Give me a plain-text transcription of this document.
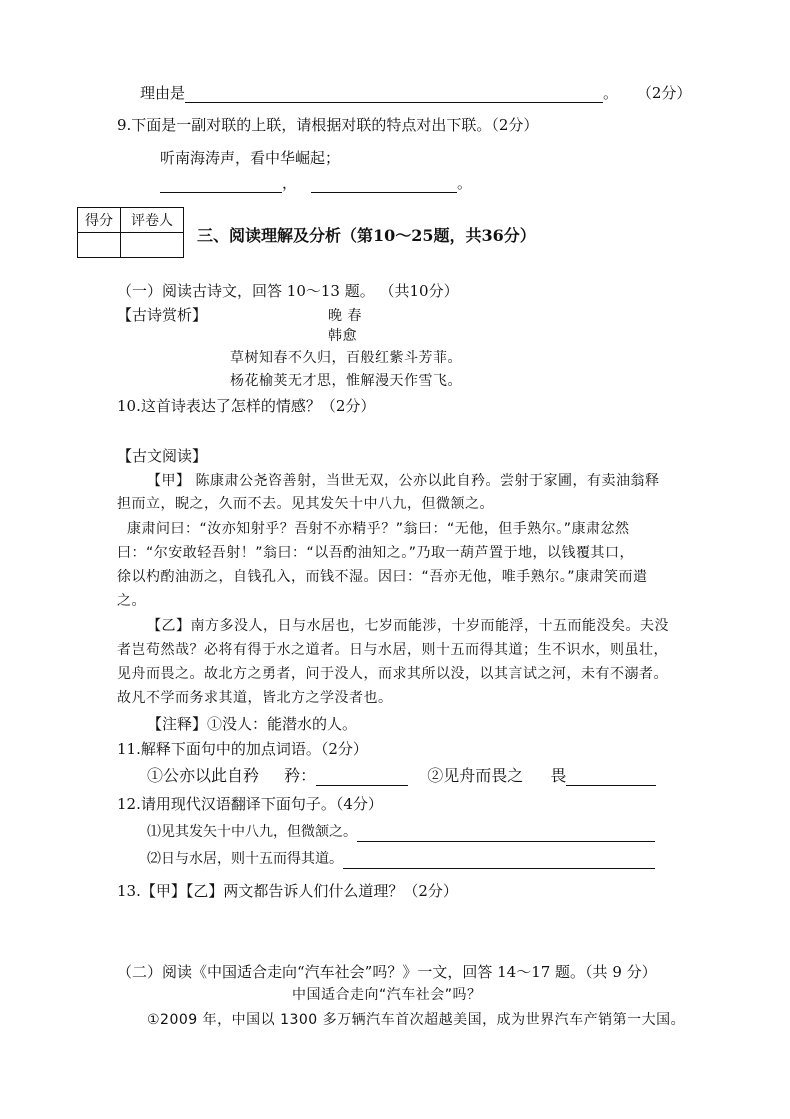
理由是	。 （2分）
9.下面是一副对联的上联，请根据对联的特点对出下联。（2分）
听南海涛声，看中华崛起；
，	。
得分	评卷人

三、阅读理解及分析（第10～25题，共36分）
（一）阅读古诗文，回答 10～13 题。 （共10分）
【古诗赏析】	晚 春
韩愈
草树知春不久归，百般红紫斗芳菲。
杨花榆荚无才思，惟解漫天作雪飞。
10.这首诗表达了怎样的情感？（2分）
【古文阅读】
【甲】 陈康肃公尧咨善射，当世无双，公亦以此自矜。尝射于家圃，有卖油翁释
担而立，睨之，久而不去。见其发矢十中八九，但微颔之。
康肃问曰：“汝亦知射乎？吾射不亦精乎？”翁曰：“无他，但手熟尔。”康肃忿然
曰：“尔安敢轻吾射！”翁曰：“以吾酌油知之。”乃取一葫芦置于地，以钱覆其口，
徐以杓酌油沥之，自钱孔入，而钱不湿。因曰：“吾亦无他，唯手熟尔。”康肃笑而遣
之。
【乙】南方多没人，日与水居也，七岁而能涉，十岁而能浮，十五而能没矣。夫没
者岂苟然哉？必将有得于水之道者。日与水居，则十五而得其道；生不识水，则虽壮，
见舟而畏之。故北方之勇者，问于没人，而求其所以没，以其言试之河，未有不溺者。
故凡不学而务求其道，皆北方之学没者也。
【注释】①没人：能潜水的人。
11.解释下面句中的加点词语。（2分）
①公亦以此自矜 矜：	②见舟而畏之 畏
12.请用现代汉语翻译下面句子。（4分）
⑴见其发矢十中八九，但微颔之。
⑵日与水居，则十五而得其道。
13.【甲】【乙】两文都告诉人们什么道理？（2分）
（二）阅读《中国适合走向“汽车社会”吗？》一文，回答 14～17 题。（共 9 分）
中国适合走向“汽车社会”吗？
①2009 年，中国以 1300 多万辆汽车首次超越美国，成为世界汽车产销第一大国。
